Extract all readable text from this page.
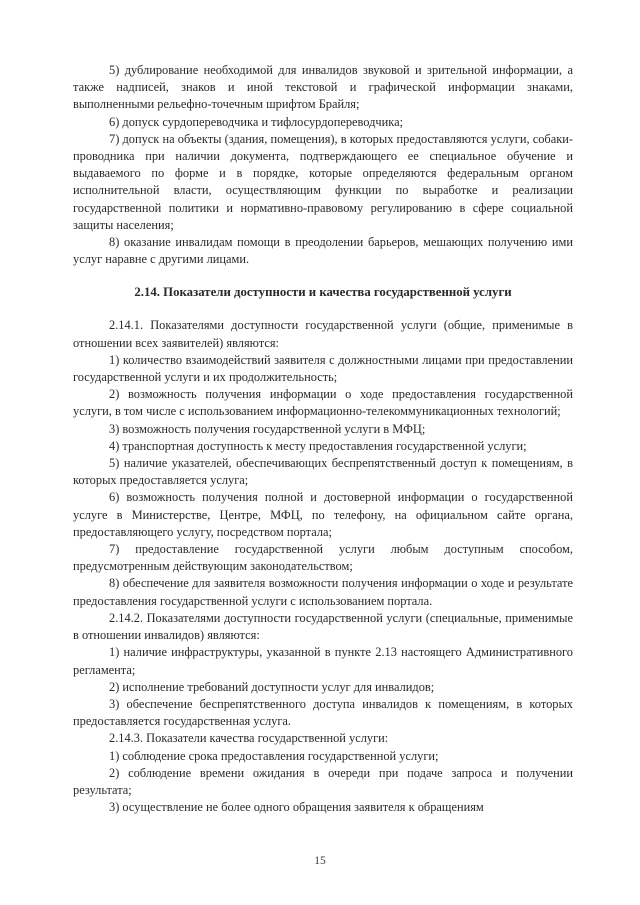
5) дублирование необходимой для инвалидов звуковой и зрительной информации, а также надписей, знаков и иной текстовой и графической информации знаками, выполненными рельефно-точечным шрифтом Брайля;

6) допуск сурдопереводчика и тифлосурдопереводчика;

7) допуск на объекты (здания, помещения), в которых предоставляются услуги, собаки-проводника при наличии документа, подтверждающего ее специальное обучение и выдаваемого по форме и в порядке, которые определяются федеральным органом исполнительной власти, осуществляющим функции по выработке и реализации государственной политики и нормативно-правовому регулированию в сфере социальной защиты населения;

8) оказание инвалидам помощи в преодолении барьеров, мешающих получению ими услуг наравне с другими лицами.

2.14. Показатели доступности и качества государственной услуги

2.14.1. Показателями доступности государственной услуги (общие, применимые в отношении всех заявителей) являются:

1) количество взаимодействий заявителя с должностными лицами при предоставлении государственной услуги и их продолжительность;

2) возможность получения информации о ходе предоставления государственной услуги, в том числе с использованием информационно-телекоммуникационных технологий;

3) возможность получения государственной услуги в МФЦ;

4) транспортная доступность к месту предоставления государственной услуги;

5) наличие указателей, обеспечивающих беспрепятственный доступ к помещениям, в которых предоставляется услуга;

6) возможность получения полной и достоверной информации о государственной услуге в Министерстве, Центре, МФЦ, по телефону, на официальном сайте органа, предоставляющего услугу, посредством портала;

7) предоставление государственной услуги любым доступным способом, предусмотренным действующим законодательством;

8) обеспечение для заявителя возможности получения информации о ходе и результате предоставления государственной услуги с использованием портала.

2.14.2. Показателями доступности государственной услуги (специальные, применимые в отношении инвалидов) являются:

1) наличие инфраструктуры, указанной в пункте 2.13 настоящего Административного регламента;

2) исполнение требований доступности услуг для инвалидов;

3) обеспечение беспрепятственного доступа инвалидов к помещениям, в которых предоставляется государственная услуга.

2.14.3. Показатели качества государственной услуги:

1) соблюдение срока предоставления государственной услуги;

2) соблюдение времени ожидания в очереди при подаче запроса и получении результата;

3) осуществление не более одного обращения заявителя к обращениям

15
